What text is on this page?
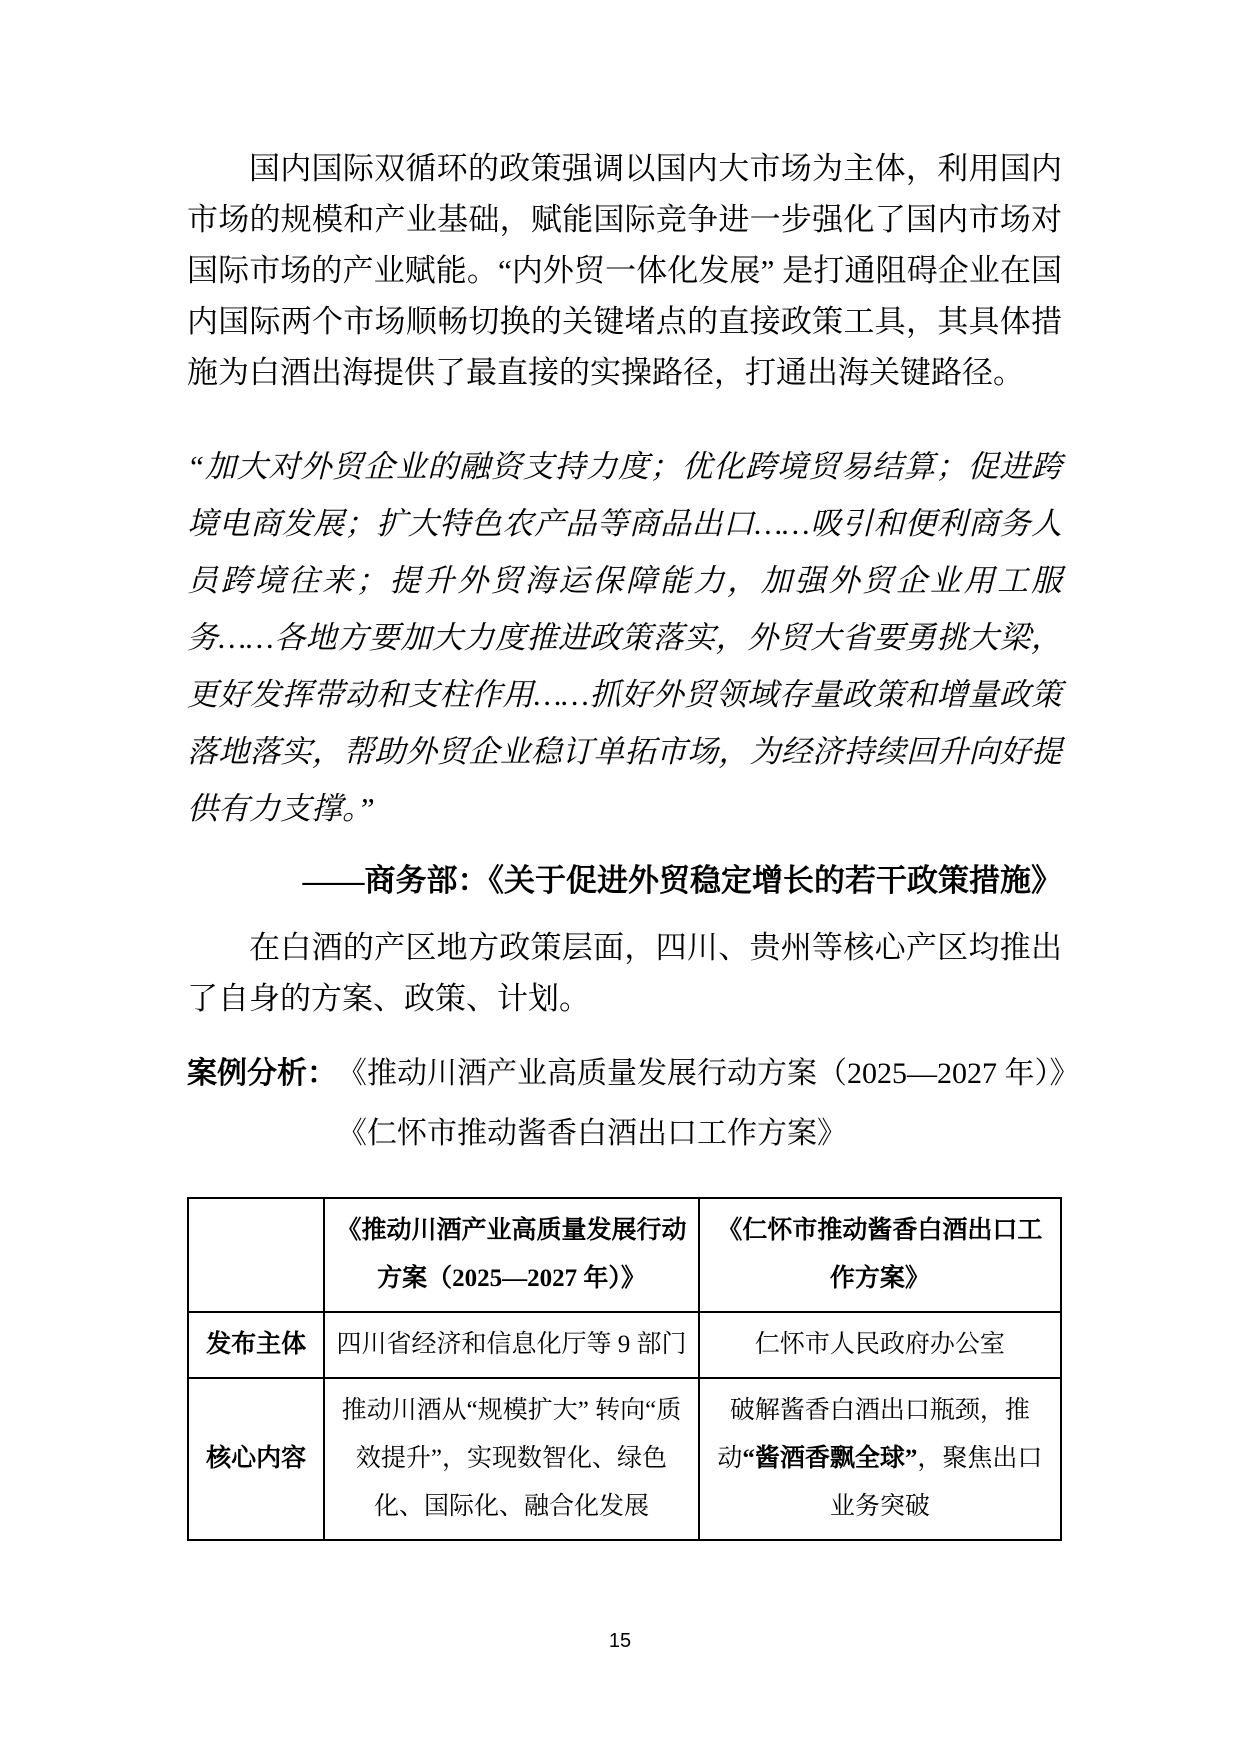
国内国际双循环的政策强调以国内大市场为主体，利用国内市场的规模和产业基础，赋能国际竞争进一步强化了国内市场对国际市场的产业赋能。“内外贸一体化发展” 是打通阻碍企业在国内国际两个市场顺畅切换的关键堵点的直接政策工具，其具体措施为白酒出海提供了最直接的实操路径，打通出海关键路径。

“加大对外贸企业的融资支持力度；优化跨境贸易结算；促进跨境电商发展；扩大特色农产品等商品出口……吸引和便利商务人员跨境往来；提升外贸海运保障能力，加强外贸企业用工服务……各地方要加大力度推进政策落实，外贸大省要勇挑大梁，更好发挥带动和支柱作用……抓好外贸领域存量政策和增量政策落地落实，帮助外贸企业稳订单拓市场，为经济持续回升向好提供有力支撑。”

——商务部：《关于促进外贸稳定增长的若干政策措施》

在白酒的产区地方政策层面，四川、贵州等核心产区均推出了自身的方案、政策、计划。

案例分析： 《推动川酒产业高质量发展行动方案（2025—2027 年）》
《仁怀市推动酱香白酒出口工作方案》
	《推动川酒产业高质量发展行动方案（2025—2027 年）》	《仁怀市推动酱香白酒出口工作方案》
发布主体	四川省经济和信息化厅等 9 部门	仁怀市人民政府办公室
核心内容	推动川酒从“规模扩大” 转向“质效提升”，实现数智化、绿色化、国际化、融合化发展	破解酱香白酒出口瓶颈，推动“酱酒香飘全球”，聚焦出口业务突破
15
